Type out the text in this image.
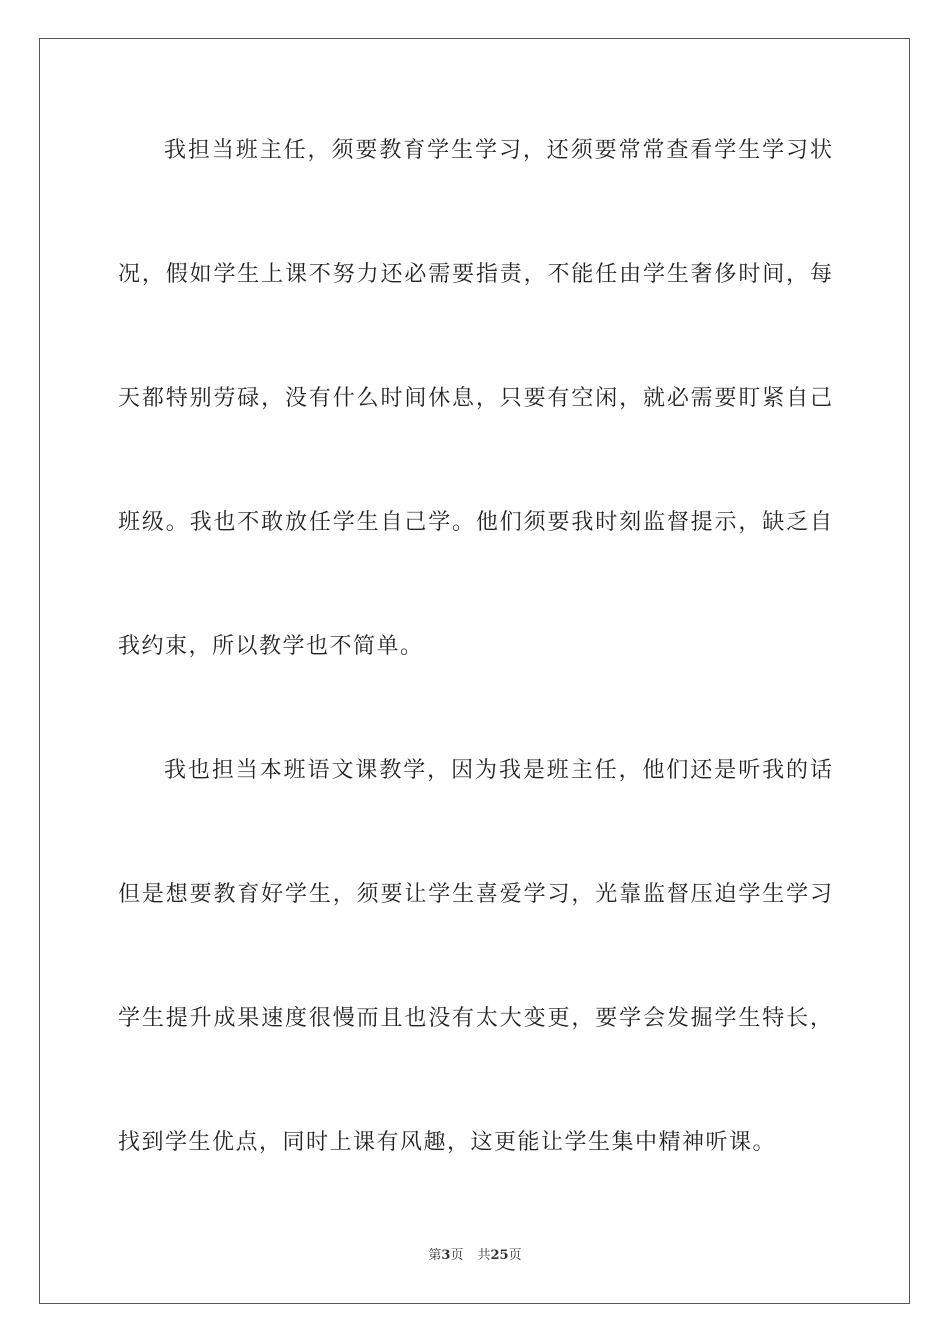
我担当班主任，须要教育学生学习，还须要常常查看学生学习状
况，假如学生上课不努力还必需要指责，不能任由学生奢侈时间，每
天都特别劳碌，没有什么时间休息，只要有空闲，就必需要盯紧自己
班级。我也不敢放任学生自己学。他们须要我时刻监督提示，缺乏自
我约束，所以教学也不简单。
我也担当本班语文课教学，因为我是班主任，他们还是听我的话
但是想要教育好学生，须要让学生喜爱学习，光靠监督压迫学生学习
学生提升成果速度很慢而且也没有太大变更，要学会发掘学生特长，
找到学生优点，同时上课有风趣，这更能让学生集中精神听课。
第3页 共25页
